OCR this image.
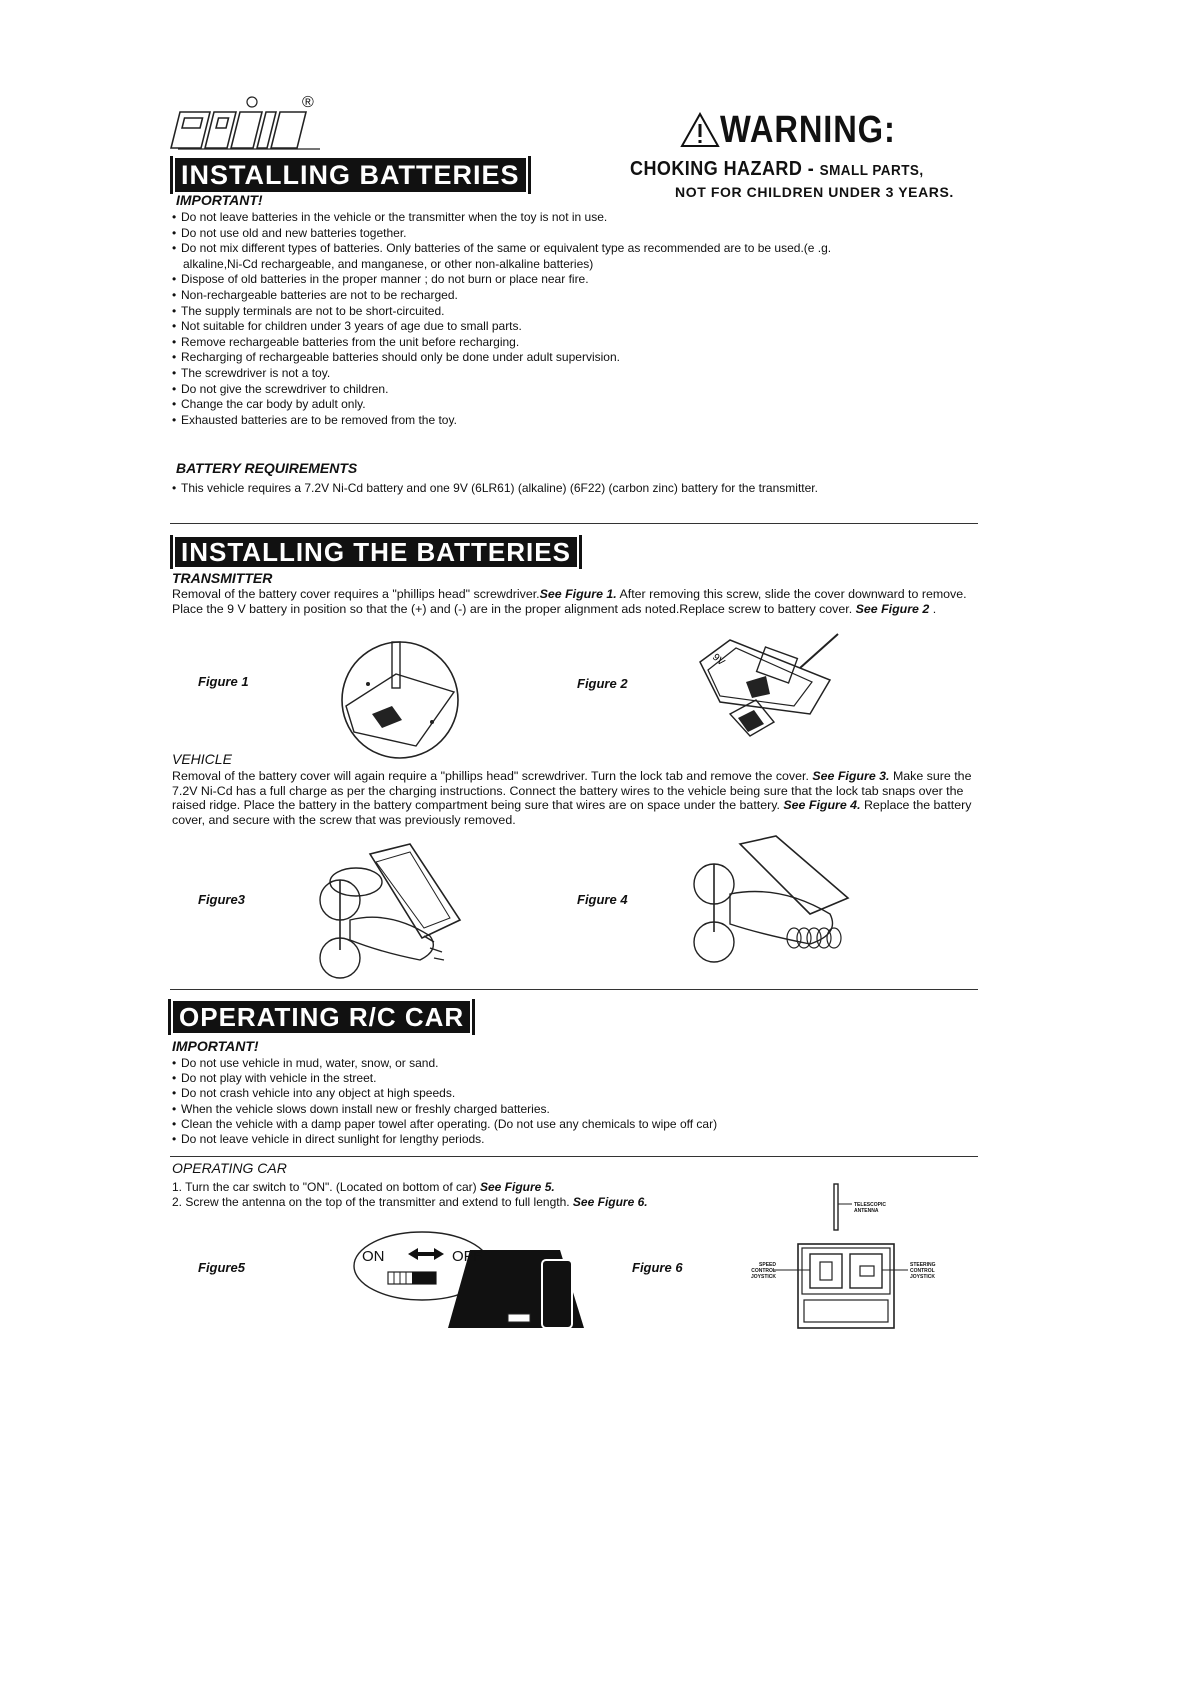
®
WARNING:
CHOKING HAZARD - SMALL PARTS,
NOT FOR CHILDREN UNDER 3 YEARS.
INSTALLING BATTERIES
IMPORTANT!
• Do not leave batteries in the vehicle or the transmitter when the toy is not in use.
• Do not use old and new batteries together.
• Do not mix different types of batteries. Only batteries of the same or equivalent type as recommended are to be used.(e .g.
alkaline,Ni-Cd rechargeable, and manganese, or other non-alkaline batteries)
• Dispose of old batteries in the proper manner ; do not burn or place near fire.
• Non-rechargeable batteries are not to be recharged.
• The supply terminals are not to be short-circuited.
• Not suitable for children under 3 years of age due to small parts.
• Remove rechargeable batteries from the unit before recharging.
• Recharging of rechargeable batteries should only be done under adult supervision.
• The screwdriver is not a toy.
• Do not give the screwdriver to children.
• Change the car body by adult only.
• Exhausted batteries are to be removed from the toy.
BATTERY REQUIREMENTS
• This vehicle requires a 7.2V Ni-Cd battery and one 9V (6LR61) (alkaline) (6F22) (carbon zinc) battery for the transmitter.
INSTALLING THE BATTERIES
TRANSMITTER
Removal of the battery cover requires a "phillips head" screwdriver.See Figure 1. After removing this screw, slide the cover downward to remove. Place the 9 V battery in position so that the (+) and (-) are in the proper alignment ads noted.Replace screw to battery cover. See Figure 2 .
Figure 1	Figure 2
9V
VEHICLE
Removal of the battery cover will again require a "phillips head" screwdriver. Turn the lock tab and remove the cover. See Figure 3. Make sure the 7.2V Ni-Cd has a full charge as per the charging instructions. Connect the battery wires to the vehicle being sure that the lock tab snaps over the raised ridge. Place the battery in the battery compartment being sure that wires are on space under the battery. See Figure 4. Replace the battery cover, and secure with the screw that was previously removed.
Figure3	Figure 4
OPERATING R/C CAR
IMPORTANT!
• Do not use vehicle in mud, water, snow, or sand.
• Do not play with vehicle in the street.
• Do not crash vehicle into any object at high speeds.
• When the vehicle slows down install new or freshly charged batteries.
• Clean the vehicle with a damp paper towel after operating. (Do not use any chemicals to wipe off car)
• Do not leave vehicle in direct sunlight for lengthy periods.
OPERATING CAR
1. Turn the car switch to "ON". (Located on bottom of car) See Figure 5.
2. Screw the antenna on the top of the transmitter and extend to full length. See Figure 6.
Figure5
ON	OFF
Figure 6
TELESCOPIC ANTENNA
SPEED
CONTROL
JOYSTICK
STEERING
CONTROL
JOYSTICK
